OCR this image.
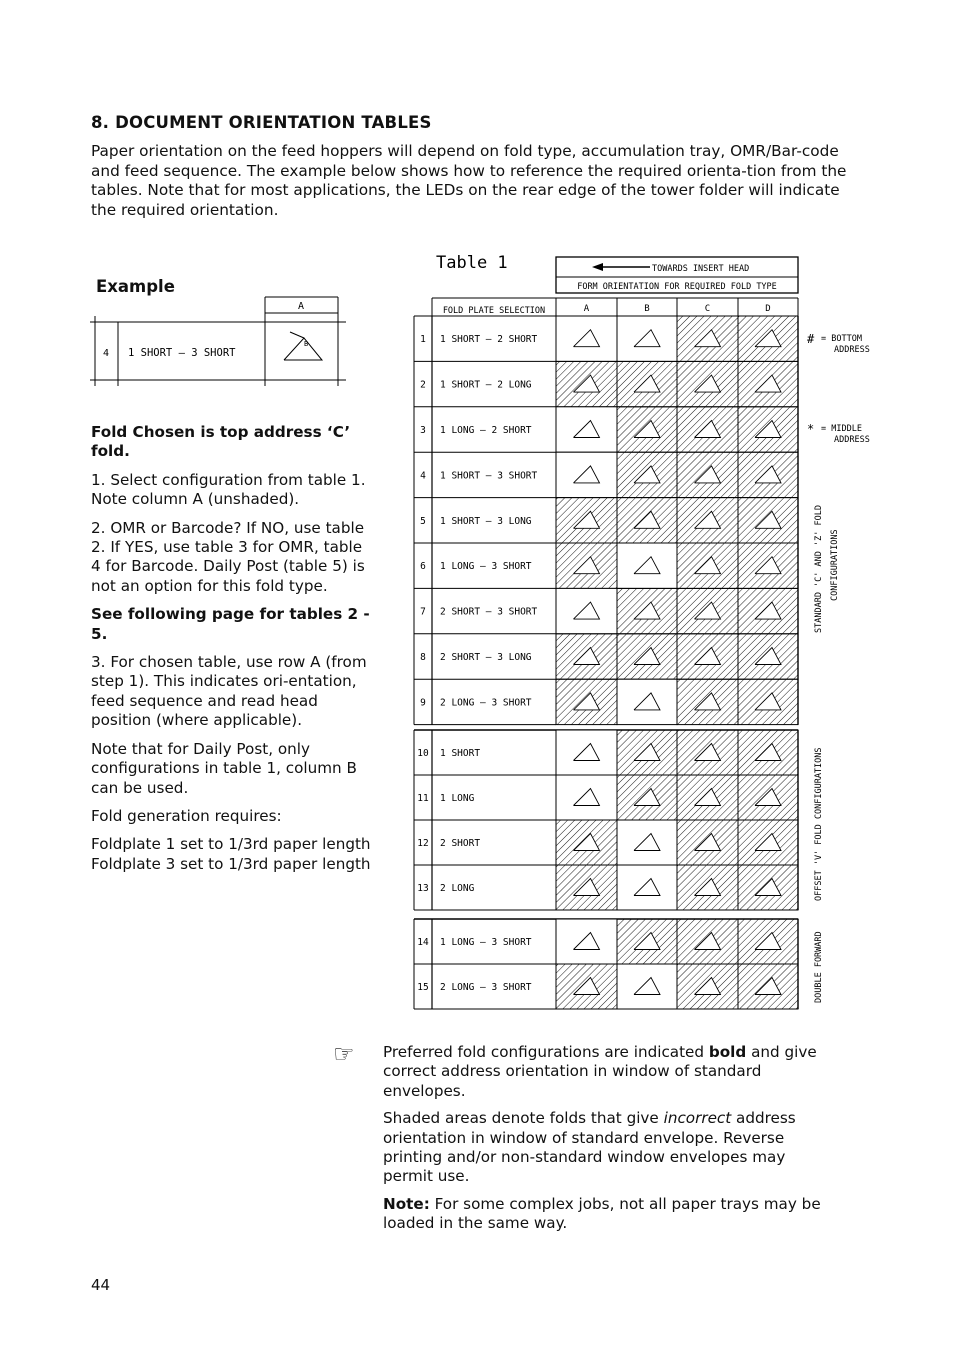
8. DOCUMENT ORIENTATION TABLES
Paper orientation on the feed hoppers will depend on fold type, accumulation tray, OMR/Bar-code and feed sequence. The example below shows how to reference the required orienta-tion from the tables. Note that for most applications, the LEDs on the rear edge of the tower folder will indicate the required orientation.
Example
A
4 1 SHORT – 3 SHORT
B

Fold Chosen is top address ‘C’ fold.

1. Select configuration from table 1. Note column A (unshaded).

2. OMR or Barcode? If NO, use table 2. If YES, use table 3 for OMR, table 4 for Barcode. Daily Post (table 5) is not an option for this fold type.

See following page for tables 2 - 5.

3. For chosen table, use row A (from step 1). This indicates ori-entation, feed sequence and read head position (where applicable).

Note that for Daily Post, only configurations in table 1, column B can be used.

Fold generation requires:

Foldplate 1 set to 1/3rd paper length Foldplate 3 set to 1/3rd paper length

Table 1	TOWARDS INSERT HEAD
FORM ORIENTATION FOR REQUIRED FOLD TYPE
A	B	C	D
FOLD PLATE SELECTION
1 1 SHORT – 2 SHORT
2 1 SHORT – 2 LONG
3 1 LONG – 2 SHORT
4 1 SHORT – 3 SHORT
5 1 SHORT – 3 LONG
6 1 LONG – 3 SHORT
7 2 SHORT – 3 SHORT
8 2 SHORT – 3 LONG
9 2 LONG – 3 SHORT
10 1 SHORT
11 1 LONG
12 2 SHORT
13 2 LONG
14 1 LONG – 3 SHORT
15 2 LONG – 3 SHORT
# = BOTTOM
ADDRESS
* = MIDDLE
ADDRESS
STANDARD 'C' AND 'Z' FOLD CONFIGURATIONS
OFFSET 'V' FOLD CONFIGURATIONS
DOUBLE FORWARD
☞ Preferred fold configurations are indicated bold and give correct address orientation in window of standard envelopes.

Shaded areas denote folds that give incorrect address orientation in window of standard envelope. Reverse printing and/or non-standard window envelopes may permit use.

Note: For some complex jobs, not all paper trays may be loaded in the same way.

44
